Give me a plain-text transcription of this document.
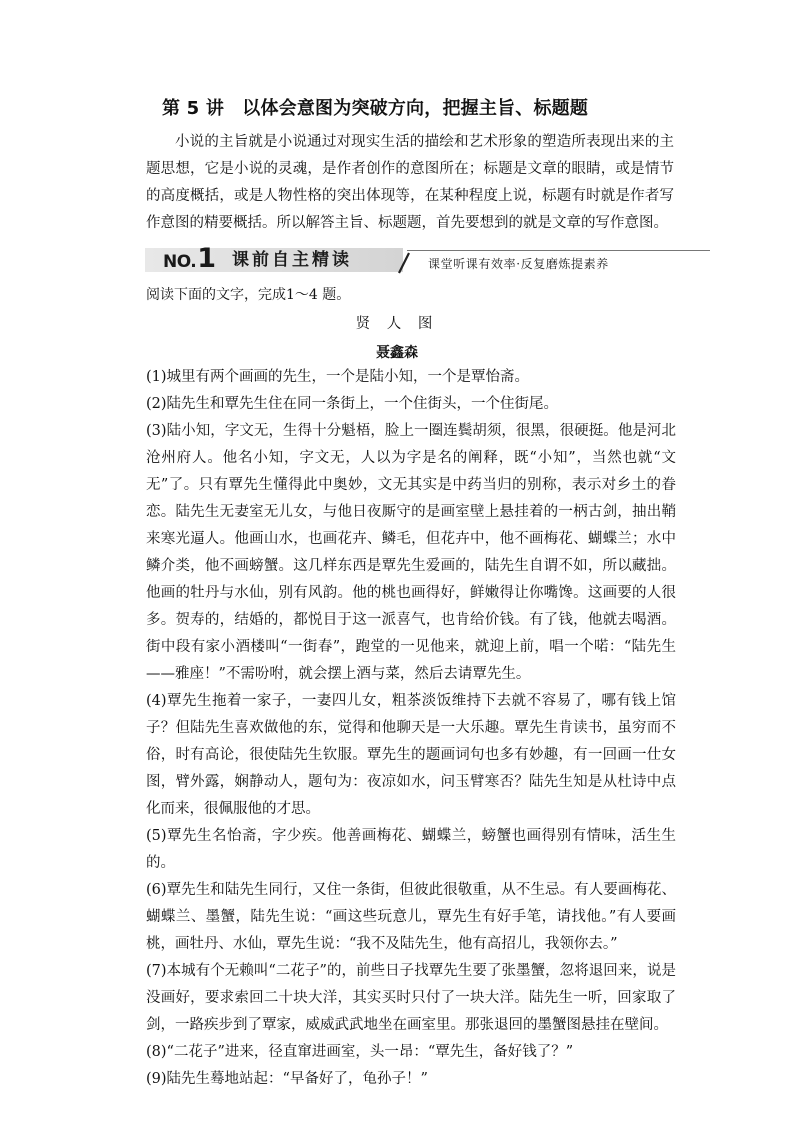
第 5 讲　以体会意图为突破方向，把握主旨、标题题

小说的主旨就是小说通过对现实生活的描绘和艺术形象的塑造所表现出来的主题思想，它是小说的灵魂，是作者创作的意图所在；标题是文章的眼睛，或是情节的高度概括，或是人物性格的突出体现等，在某种程度上说，标题有时就是作者写作意图的精要概括。所以解答主旨、标题题，首先要想到的就是文章的写作意图。

NO. 1 课前自主精读	课堂听课有效率·反复磨炼提素养
阅读下面的文字，完成1～4 题。
贤 人 图
聂鑫森

(1)城里有两个画画的先生，一个是陆小知，一个是覃怡斋。

(2)陆先生和覃先生住在同一条街上，一个住街头，一个住街尾。

(3)陆小知，字文无，生得十分魁梧，脸上一圈连鬓胡须，很黑，很硬挺。他是河北沧州府人。他名小知，字文无，人以为字是名的阐释，既“小知”，当然也就“文无”了。只有覃先生懂得此中奥妙，文无其实是中药当归的别称，表示对乡土的眷恋。陆先生无妻室无儿女，与他日夜厮守的是画室壁上悬挂着的一柄古剑，抽出鞘来寒光逼人。他画山水，也画花卉、鳞毛，但花卉中，他不画梅花、蝴蝶兰；水中鳞介类，他不画螃蟹。这几样东西是覃先生爱画的，陆先生自谓不如，所以藏拙。他画的牡丹与水仙，别有风韵。他的桃也画得好，鲜嫩得让你嘴馋。这画要的人很多。贺寿的，结婚的，都悦目于这一派喜气，也肯给价钱。有了钱，他就去喝酒。街中段有家小酒楼叫“一街春”，跑堂的一见他来，就迎上前，唱一个喏：“陆先生——雅座！”不需吩咐，就会摆上酒与菜，然后去请覃先生。

(4)覃先生拖着一家子，一妻四儿女，粗茶淡饭维持下去就不容易了，哪有钱上馆子？但陆先生喜欢做他的东，觉得和他聊天是一大乐趣。覃先生肯读书，虽穷而不俗，时有高论，很使陆先生钦服。覃先生的题画词句也多有妙趣，有一回画一仕女图，臂外露，娴静动人，题句为：夜凉如水，问玉臂寒否？陆先生知是从杜诗中点化而来，很佩服他的才思。

(5)覃先生名怡斋，字少疾。他善画梅花、蝴蝶兰，螃蟹也画得别有情味，活生生的。

(6)覃先生和陆先生同行，又住一条街，但彼此很敬重，从不生忌。有人要画梅花、蝴蝶兰、墨蟹，陆先生说：“画这些玩意儿，覃先生有好手笔，请找他。”有人要画桃，画牡丹、水仙，覃先生说：“我不及陆先生，他有高招儿，我领你去。”

(7)本城有个无赖叫“二花子”的，前些日子找覃先生要了张墨蟹，忽将退回来，说是没画好，要求索回二十块大洋，其实买时只付了一块大洋。陆先生一听，回家取了剑，一路疾步到了覃家，威威武武地坐在画室里。那张退回的墨蟹图悬挂在壁间。

(8)“二花子”进来，径直窜进画室，头一昂：“覃先生，备好钱了？”

(9)陆先生蓦地站起：“早备好了，龟孙子！”
